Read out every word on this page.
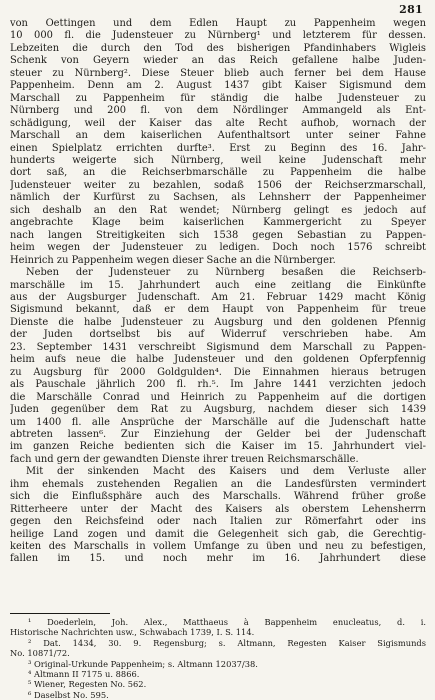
281
von Oettingen und dem Edlen Haupt zu Pappenheim wegen
10 000 fl. die Judensteuer zu Nürnberg¹ und letzterem für dessen.
Lebzeiten die durch den Tod des bisherigen Pfandinhabers Wigleis
Schenk von Geyern wieder an das Reich gefallene halbe Juden-
steuer zu Nürnberg². Diese Steuer blieb auch ferner bei dem Hause
Pappenheim. Denn am 2. August 1437 gibt Kaiser Sigismund dem
Marschall zu Pappenheim für ständig die halbe Judensteuer zu
Nürnberg und 200 fl. von dem Nördlinger Ammangeld als Ent-
schädigung, weil der Kaiser das alte Recht aufhob, wornach der
Marschall an dem kaiserlichen Aufenthaltsort unter seiner Fahne
einen Spielplatz errichten durfte³. Erst zu Beginn des 16. Jahr-
hunderts weigerte sich Nürnberg, weil keine Judenschaft mehr
dort saß, an die Reichserbmarschälle zu Pappenheim die halbe
Judensteuer weiter zu bezahlen, sodaß 1506 der Reichserzmarschall,
nämlich der Kurfürst zu Sachsen, als Lehnsherr der Pappenheimer
sich deshalb an den Rat wendet; Nürnberg gelingt es jedoch auf
angebrachte Klage beim kaiserlichen Kammergericht zu Speyer
nach langen Streitigkeiten sich 1538 gegen Sebastian zu Pappen-
heim wegen der Judensteuer zu ledigen. Doch noch 1576 schreibt
Heinrich zu Pappenheim wegen dieser Sache an die Nürnberger.
Neben der Judensteuer zu Nürnberg besaßen die Reichserb-
marschälle im 15. Jahrhundert auch eine zeitlang die Einkünfte
aus der Augsburger Judenschaft. Am 21. Februar 1429 macht König
Sigismund bekannt, daß er dem Haupt von Pappenheim für treue
Dienste die halbe Judensteuer zu Augsburg und den goldenen Pfennig
der Juden dortselbst bis auf Widerruf verschrieben habe. Am
23. September 1431 verschreibt Sigismund dem Marschall zu Pappen-
heim aufs neue die halbe Judensteuer und den goldenen Opferpfennig
zu Augsburg für 2000 Goldgulden⁴. Die Einnahmen hieraus betrugen
als Pauschale jährlich 200 fl. rh.⁵. Im Jahre 1441 verzichten jedoch
die Marschälle Conrad und Heinrich zu Pappenheim auf die dortigen
Juden gegenüber dem Rat zu Augsburg, nachdem dieser sich 1439
um 1400 fl. alle Ansprüche der Marschälle auf die Judenschaft hatte
abtreten lassen⁶. Zur Einziehung der Gelder bei der Judenschaft
im ganzen Reiche bedienten sich die Kaiser im 15. Jahrhundert viel-
fach und gern der gewandten Dienste ihrer treuen Reichsmarschälle.
Mit der sinkenden Macht des Kaisers und dem Verluste aller
ihm ehemals zustehenden Regalien an die Landesfürsten vermindert
sich die Einflußsphäre auch des Marschalls. Während früher große
Ritterheere unter der Macht des Kaisers als oberstem Lehensherrn
gegen den Reichsfeind oder nach Italien zur Römerfahrt oder ins
heilige Land zogen und damit die Gelegenheit sich gab, die Gerechtig-
keiten des Marschalls in vollem Umfange zu üben und neu zu befestigen,
fallen im 15. und noch mehr im 16. Jahrhundert diese
¹ Doederlein, Joh. Alex., Matthaeus à Bappenheim enucleatus, d. i.
Historische Nachrichten usw., Schwabach 1739, I. S. 114.
² Dat. 1434, 30. 9. Regensburg; s. Altmann, Regesten Kaiser Sigismunds
No. 10871/72.
³ Original-Urkunde Pappenheim; s. Altmann 12037/38.
⁴ Altmann II 7175 u. 8866.
⁵ Wiener, Regesten No. 562.
⁶ Daselbst No. 595.
